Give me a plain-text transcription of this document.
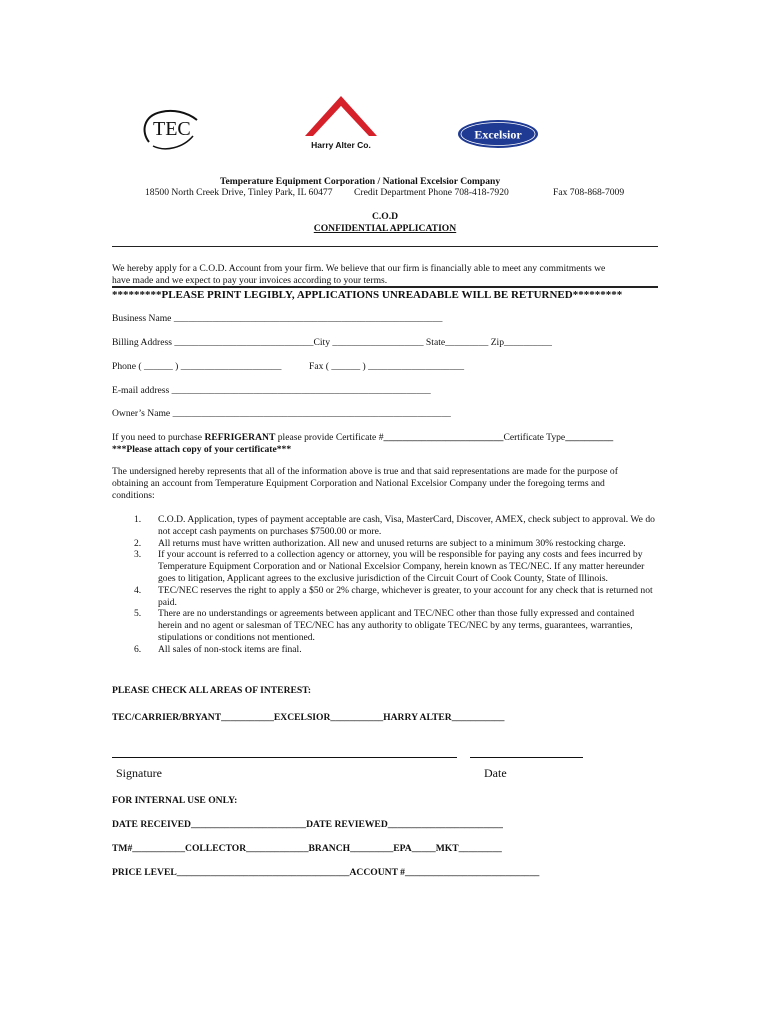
TEC
Harry Alter Co.
Excelsior
Temperature Equipment Corporation / National Excelsior Company
18500 North Creek Drive, Tinley Park, IL 60477 Credit Department Phone 708-418-7920	Fax 708-868-7009
C.O.D
CONFIDENTIAL APPLICATION
We hereby apply for a C.O.D. Account from your firm. We believe that our firm is financially able to meet any commitments we
have made and we expect to pay your invoices according to your terms.
*********PLEASE PRINT LEGIBLY, APPLICATIONS UNREADABLE WILL BE RETURNED*********
Business Name ________________________________________________________
Billing Address _____________________________City ___________________ State_________ Zip__________
Phone ( ______ ) _____________________	Fax ( ______ ) ____________________
E-mail address ______________________________________________________
Owner’s Name __________________________________________________________
If you need to purchase REFRIGERANT please provide Certificate #_________________________Certificate Type__________
***Please attach copy of your certificate***
The undersigned hereby represents that all of the information above is true and that said representations are made for the purpose of obtaining an account from Temperature Equipment Corporation and National Excelsior Company under the foregoing terms and conditions:
1. C.O.D. Application, types of payment acceptable are cash, Visa, MasterCard, Discover, AMEX, check subject to approval. We do not accept cash payments on purchases $7500.00 or more.
2. All returns must have written authorization. All new and unused returns are subject to a minimum 30% restocking charge.
3. If your account is referred to a collection agency or attorney, you will be responsible for paying any costs and fees incurred by Temperature Equipment Corporation and or National Excelsior Company, herein known as TEC/NEC. If any matter hereunder goes to litigation, Applicant agrees to the exclusive jurisdiction of the Circuit Court of Cook County, State of Illinois.
4. TEC/NEC reserves the right to apply a $50 or 2% charge, whichever is greater, to your account for any check that is returned not paid.
5. There are no understandings or agreements between applicant and TEC/NEC other than those fully expressed and contained herein and no agent or salesman of TEC/NEC has any authority to obligate TEC/NEC by any terms, guarantees, warranties, stipulations or conditions not mentioned.
6. All sales of non-stock items are final.
PLEASE CHECK ALL AREAS OF INTEREST:
TEC/CARRIER/BRYANT___________EXCELSIOR___________HARRY ALTER___________
Signature	Date
FOR INTERNAL USE ONLY:
DATE RECEIVED________________________DATE REVIEWED________________________
TM#___________COLLECTOR_____________BRANCH_________EPA_____MKT_________
PRICE LEVEL____________________________________ACCOUNT #____________________________
